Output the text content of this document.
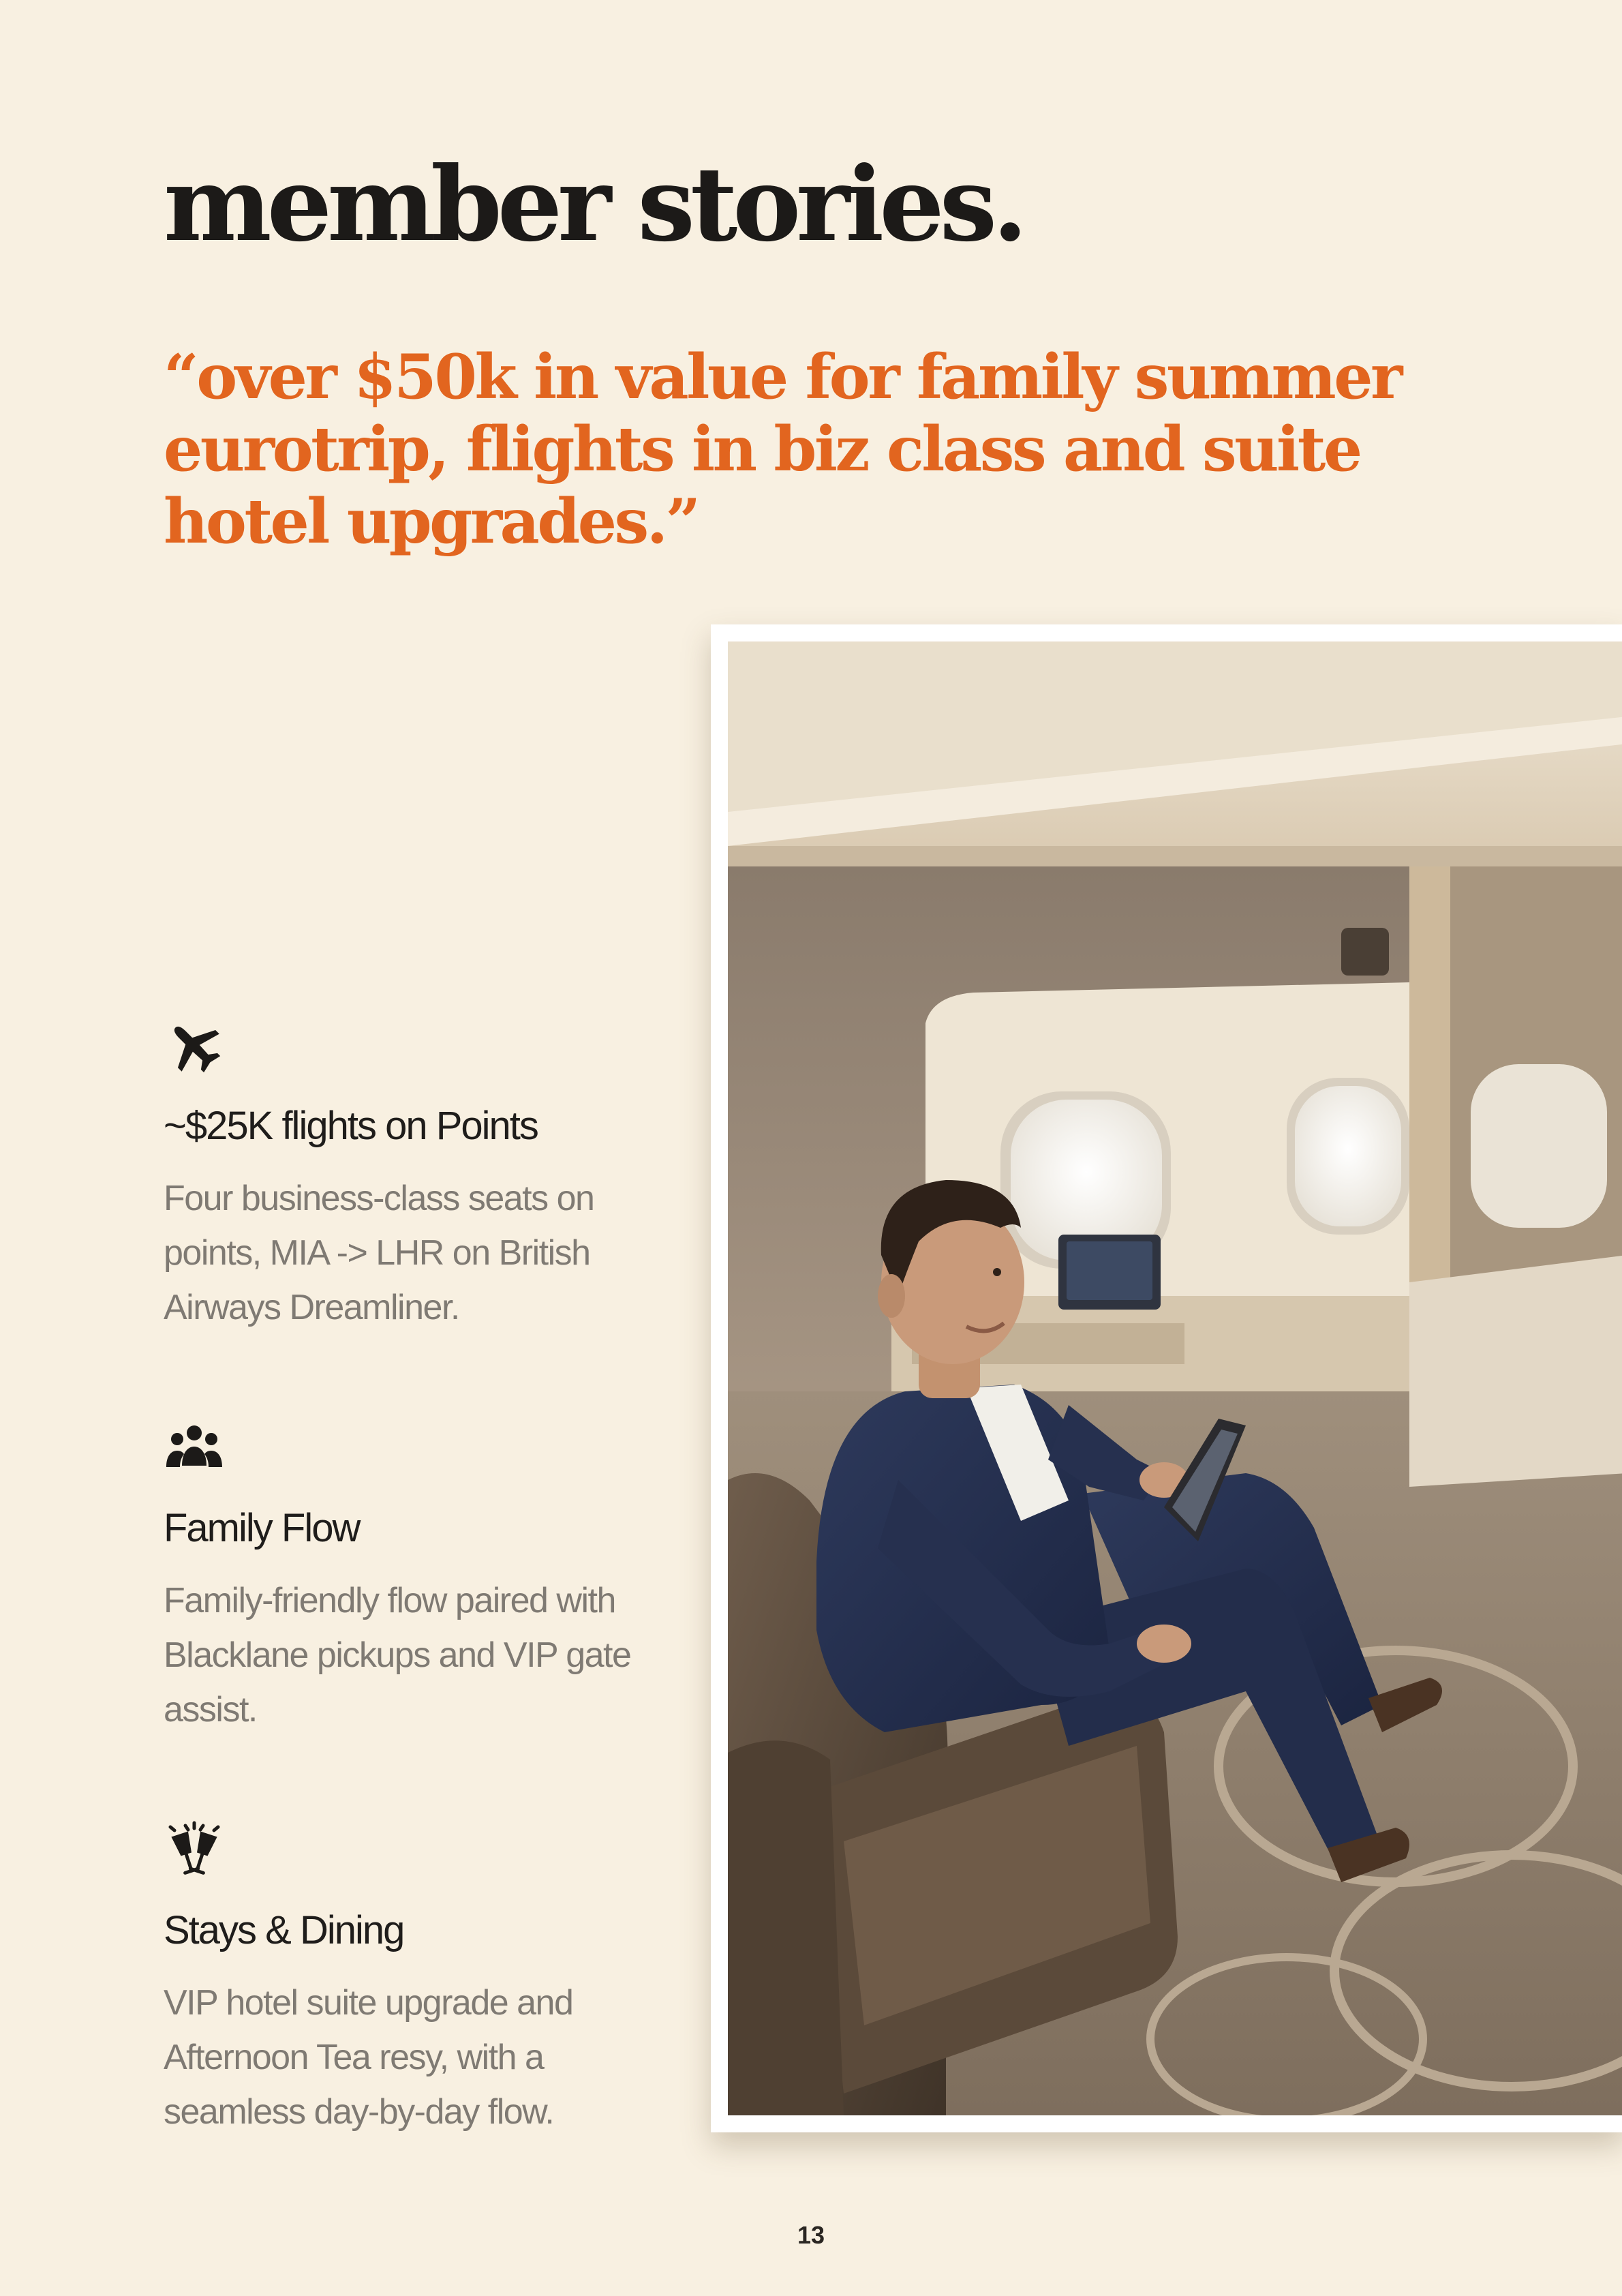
member stories.

“over $50k in value for family summer eurotrip, flights in biz class and suite hotel upgrades.”

~$25K flights on Points

Four business-class seats on points, MIA -> LHR on British Airways Dreamliner.

Family Flow

Family-friendly flow paired with Blacklane pickups and VIP gate assist.

Stays & Dining

VIP hotel suite upgrade and Afternoon Tea resy, with a seamless day-by-day flow.

13
